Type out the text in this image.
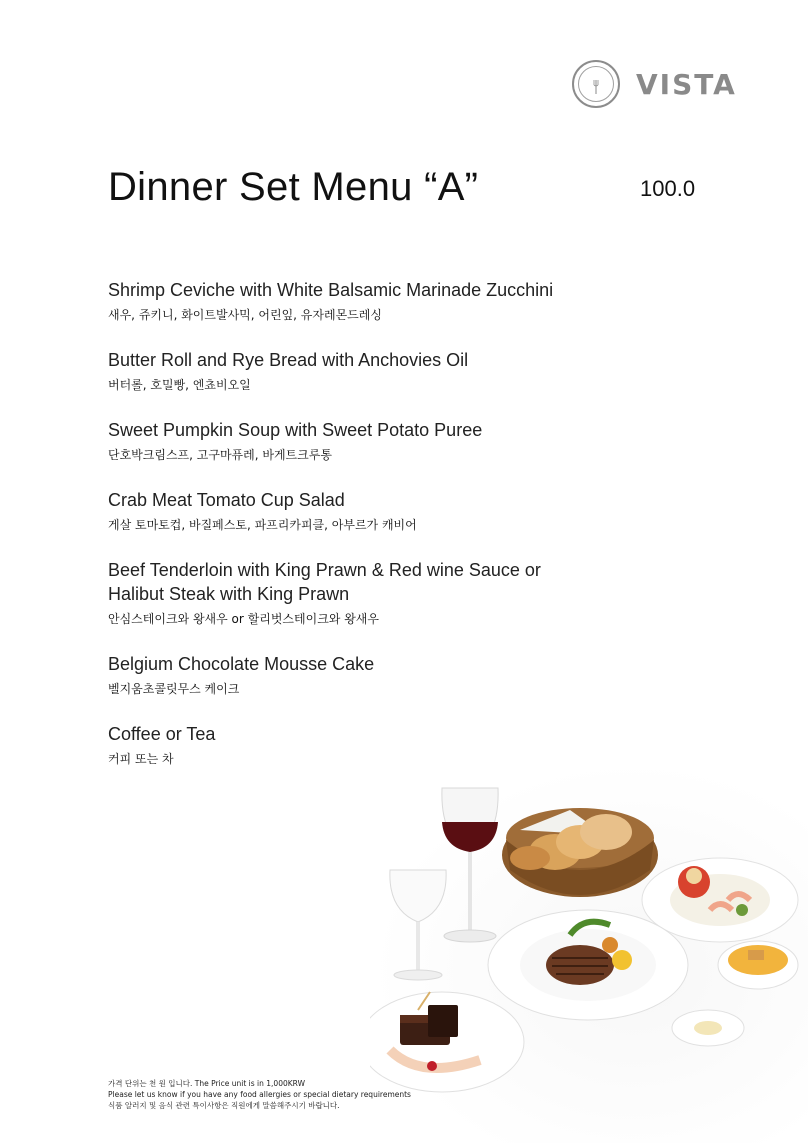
VISTA
Dinner Set Menu “A”	100.0
Shrimp Ceviche with White Balsamic Marinade Zucchini
새우, 쥬키니, 화이트발사믹, 어린잎, 유자레몬드레싱
Butter Roll and Rye Bread with Anchovies Oil
버터롤, 호밀빵, 엔쵸비오일
Sweet Pumpkin Soup with Sweet Potato Puree
단호박크림스프, 고구마퓨레, 바게트크루통
Crab Meat Tomato Cup Salad
게살 토마토컵, 바질페스토, 파프리카피클, 아부르가 캐비어
Beef Tenderloin with King Prawn & Red wine Sauce or
Halibut Steak with King Prawn
안심스테이크와 왕새우 or 할리벗스테이크와 왕새우
Belgium Chocolate Mousse Cake
벨지움초콜릿무스 케이크
Coffee or Tea
커피 또는 차
가격 단위는 천 원 입니다. The Price unit is in 1,000KRW
Please let us know if you have any food allergies or special dietary requirements
식품 알러지 및 음식 관련 특이사항은 직원에게 말씀해주시기 바랍니다.
